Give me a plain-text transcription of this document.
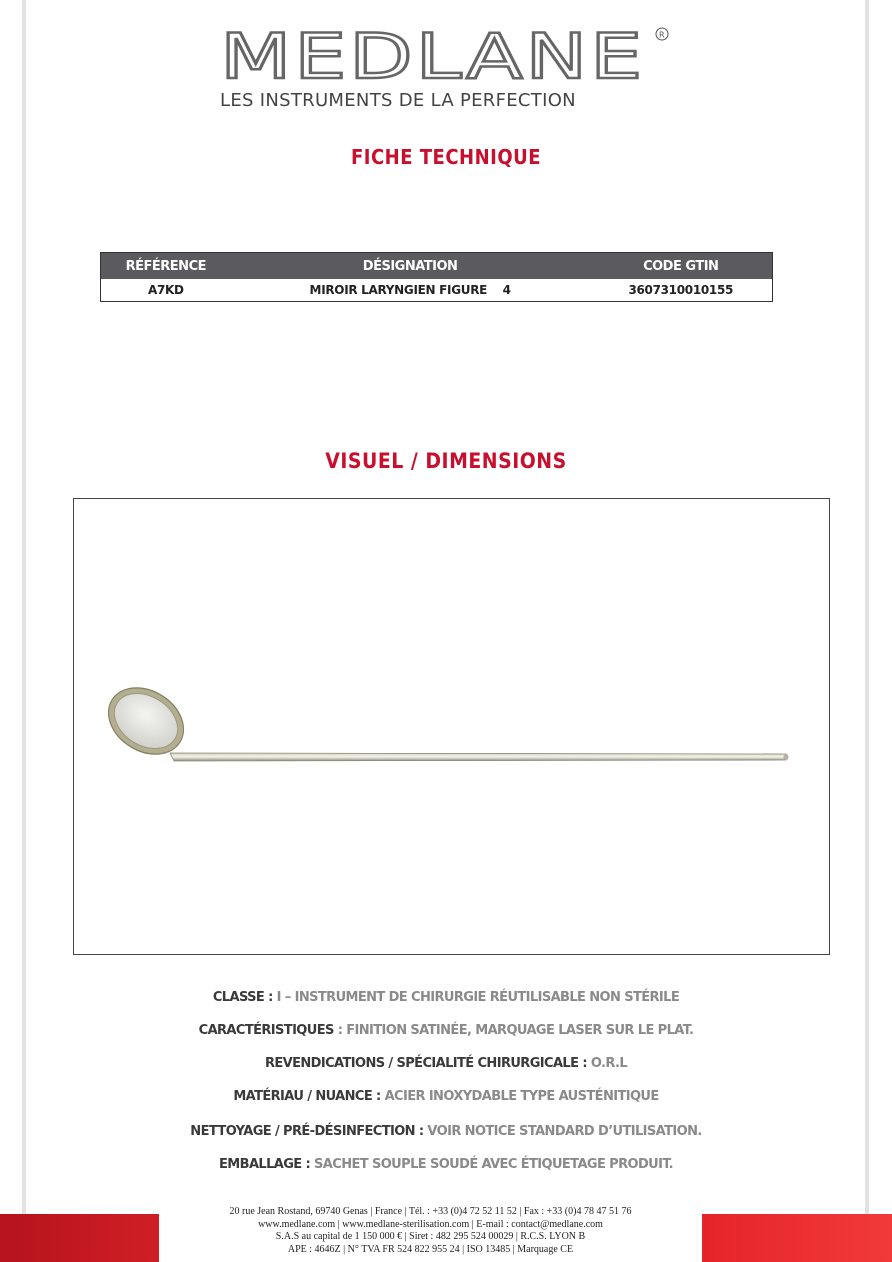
MEDLANE R
LES INSTRUMENTS DE LA PERFECTION
FICHE TECHNIQUE
RÉFÉRENCE	DÉSIGNATION	CODE GTIN
A7KD	MIROIR LARYNGIEN FIGURE    4	3607310010155
VISUEL / DIMENSIONS
CLASSE : I – INSTRUMENT DE CHIRURGIE RÉUTILISABLE NON STÉRILE
CARACTÉRISTIQUES : FINITION SATINÉE, MARQUAGE LASER SUR LE PLAT.
REVENDICATIONS / SPÉCIALITÉ CHIRURGICALE : O.R.L
MATÉRIAU / NUANCE : ACIER INOXYDABLE TYPE AUSTÉNITIQUE
NETTOYAGE / PRÉ-DÉSINFECTION : VOIR NOTICE STANDARD D’UTILISATION.
EMBALLAGE : SACHET SOUPLE SOUDÉ AVEC ÉTIQUETAGE PRODUIT.
20 rue Jean Rostand, 69740 Genas | France | Tél. : +33 (0)4 72 52 11 52 | Fax : +33 (0)4 78 47 51 76
www.medlane.com | www.medlane-sterilisation.com | E-mail : contact@medlane.com
S.A.S au capital de 1 150 000 € | Siret : 482 295 524 00029 | R.C.S. LYON B
APE : 4646Z | N° TVA FR 524 822 955 24 | ISO 13485 | Marquage CE
